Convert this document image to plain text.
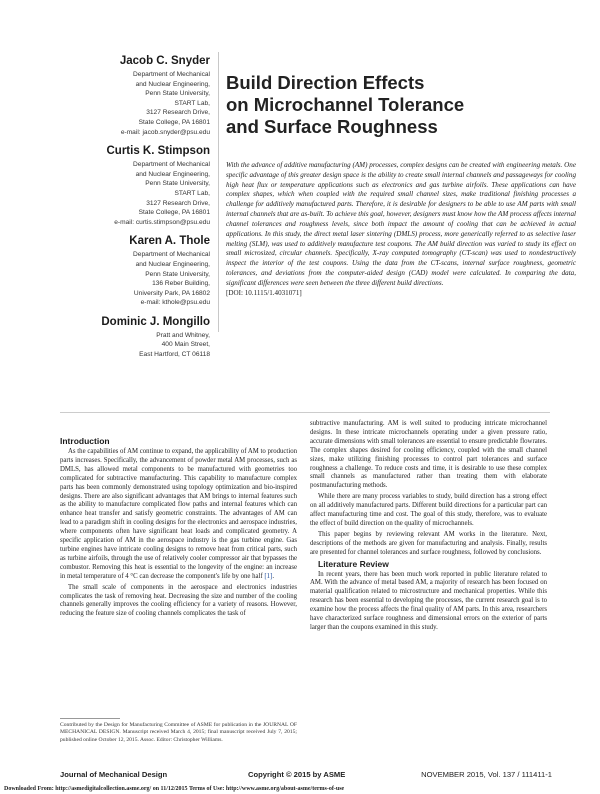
Jacob C. Snyder
Department of Mechanical
and Nuclear Engineering,
Penn State University,
START Lab,
3127 Research Drive,
State College, PA 16801
e-mail: jacob.snyder@psu.edu
Curtis K. Stimpson
Department of Mechanical
and Nuclear Engineering,
Penn State University,
START Lab,
3127 Research Drive,
State College, PA 16801
e-mail: curtis.stimpson@psu.edu
Karen A. Thole
Department of Mechanical
and Nuclear Engineering,
Penn State University,
136 Reber Building,
University Park, PA 16802
e-mail: kthole@psu.edu
Dominic J. Mongillo
Pratt and Whitney,
400 Main Street,
East Hartford, CT 06118
Build Direction Effects
on Microchannel Tolerance
and Surface Roughness
With the advance of additive manufacturing (AM) processes, complex designs can be created with engineering metals. One specific advantage of this greater design space is the ability to create small internal channels and passageways for cooling high heat flux or temperature applications such as electronics and gas turbine airfoils. These applications can have complex shapes, which when coupled with the required small channel sizes, make traditional finishing processes a challenge for additively manufactured parts. Therefore, it is desirable for designers to be able to use AM parts with small internal channels that are as-built. To achieve this goal, however, designers must know how the AM process affects internal channel tolerances and roughness levels, since both impact the amount of cooling that can be achieved in actual applications. In this study, the direct metal laser sintering (DMLS) process, more generically referred to as selective laser melting (SLM), was used to additively manufacture test coupons. The AM build direction was varied to study its effect on small microsized, circular channels. Specifically, X-ray computed tomography (CT-scan) was used to nondestructively inspect the interior of the test coupons. Using the data from the CT-scans, internal surface roughness, geometric tolerances, and deviations from the computer-aided design (CAD) model were calculated. In comparing the data, significant differences were seen between the three different build directions.
[DOI: 10.1115/1.4031071]
Introduction

As the capabilities of AM continue to expand, the applicability of AM to production parts increases. Specifically, the advancement of powder metal AM processes, such as DMLS, has allowed metal components to be manufactured with geometries too complicated for subtractive manufacturing. This capability to manufacture complex parts has been commonly demonstrated using topology optimization and bio-inspired designs. There are also significant advantages that AM brings to internal features such as the ability to manufacture complicated flow paths and internal features which can enhance heat transfer and satisfy geometric constraints. The advantages of AM can lead to a paradigm shift in cooling designs for the electronics and aerospace industries, where components often have significant heat loads and complicated geometry. A specific application of AM in the aerospace industry is the gas turbine engine. Gas turbine engines have intricate cooling designs to remove heat from critical parts, such as turbine airfoils, through the use of relatively cooler compressor air that bypasses the combustor. Removing this heat is essential to the longevity of the engine: an increase in metal temperature of 4 °C can decrease the component's life by one half [1].

The small scale of components in the aerospace and electronics industries complicates the task of removing heat. Decreasing the size and number of the cooling channels generally improves the cooling efficiency for a variety of reasons. However, reducing the feature size of cooling channels complicates the task of

subtractive manufacturing. AM is well suited to producing intricate microchannel designs. In these intricate microchannels operating under a given pressure ratio, accurate dimensions with small tolerances are essential to ensure predictable flowrates. The complex shapes desired for cooling efficiency, coupled with the small channel sizes, make utilizing finishing processes to control part tolerances and surface roughness a challenge. To reduce costs and time, it is desirable to use these complex small channels as manufactured rather than treating them with elaborate postmanufacturing methods.

While there are many process variables to study, build direction has a strong effect on all additively manufactured parts. Different build directions for a particular part can affect manufacturing time and cost. The goal of this study, therefore, was to evaluate the effect of build direction on the quality of microchannels.

This paper begins by reviewing relevant AM works in the literature. Next, descriptions of the methods are given for manufacturing and analysis. Finally, results are presented for channel tolerances and surface roughness, followed by conclusions.

Literature Review

In recent years, there has been much work reported in public literature related to AM. With the advance of metal based AM, a majority of research has been focused on material qualification related to microstructure and mechanical properties. While this research has been essential to developing the processes, the current research goal is to examine how the process affects the final quality of AM parts. In this area, researchers have characterized surface roughness and dimensional errors on the exterior of parts larger than the coupons examined in this study.

Contributed by the Design for Manufacturing Committee of ASME for publication in the JOURNAL OF MECHANICAL DESIGN. Manuscript received March 4, 2015; final manuscript received July 7, 2015; published online October 12, 2015. Assoc. Editor: Christopher Williams.
Journal of Mechanical Design	Copyright © 2015 by ASME	NOVEMBER 2015, Vol. 137 / 111411-1
Downloaded From: http://asmedigitalcollection.asme.org/ on 11/12/2015 Terms of Use: http://www.asme.org/about-asme/terms-of-use
